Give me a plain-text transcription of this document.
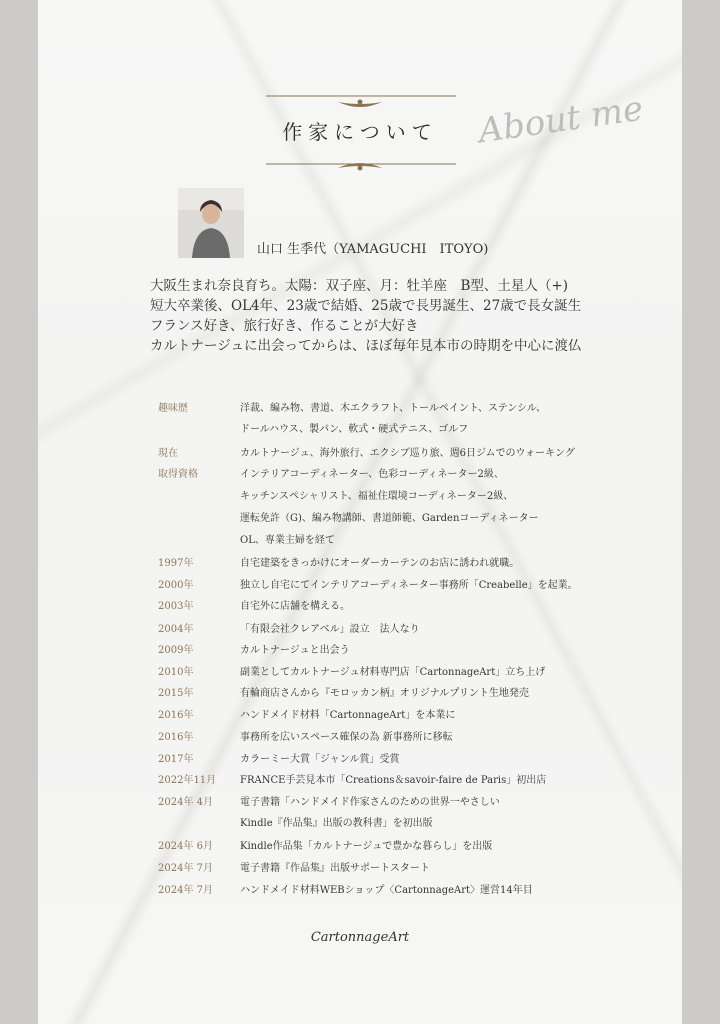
作家について	About me
山口 生季代（YAMAGUCHI　ITOYO)
大阪生まれ奈良育ち。太陽：双子座、月：牡羊座　B型、土星人（+)
短大卒業後、OL4年、23歳で結婚、25歳で長男誕生、27歳で長女誕生
フランス好き、旅行好き、作ることが大好き
カルトナージュに出会ってからは、ほぼ毎年見本市の時期を中心に渡仏
趣味歴	洋裁、編み物、書道、木エクラフト、トールペイント、ステンシル、
ドールハウス、製パン、軟式・硬式テニス、ゴルフ
現在	カルトナージュ、海外旅行、エクシブ巡り旅、週6日ジムでのウォーキング
取得資格	インテリアコーディネーター、色彩コーディネーター2級、
キッチンスペシャリスト、福祉住環境コーディネーター2級、
運転免許（G)、編み物講師、書道師範、Gardenコーディネーター
OL、専業主婦を経て
1997年	自宅建築をきっかけにオーダーカーテンのお店に誘われ就職。
2000年	独立し自宅にてインテリアコーディネーター事務所「Creabelle」を起業。
2003年	自宅外に店舗を構える。
2004年	「有限会社クレアベル」設立　法人なり
2009年	カルトナージュと出会う
2010年	副業としてカルトナージュ材料専門店「CartonnageArt」立ち上げ
2015年	有輪商店さんから『モロッカン柄』オリジナルプリント生地発売
2016年	ハンドメイド材料「CartonnageArt」を本業に
2016年	事務所を広いスペース確保の為 新事務所に移転
2017年	カラーミー大賞「ジャンル賞」受賞
2022年11月	FRANCE手芸見本市「Creations＆savoir-faire de Paris」初出店
2024年 4月	電子書籍「ハンドメイド作家さんのための世界一やさしい
Kindle『作品集』出版の教科書」を初出版
2024年 6月	Kindle作品集「カルトナージュで豊かな暮らし」を出版
2024年 7月	電子書籍『作品集』出版サポートスタート
2024年 7月	ハンドメイド材料WEBショップ〈CartonnageArt〉運営14年目
CartonnageArt
